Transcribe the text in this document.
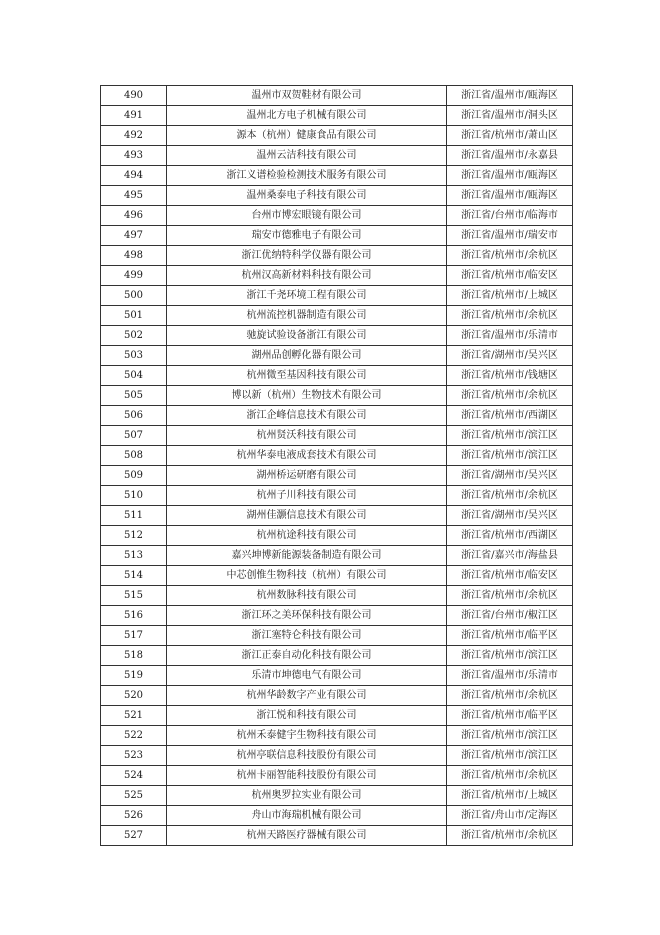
490	温州市双贺鞋材有限公司	浙江省/温州市/瓯海区
491	温州北方电子机械有限公司	浙江省/温州市/洞头区
492	源本（杭州）健康食品有限公司	浙江省/杭州市/萧山区
493	温州云洁科技有限公司	浙江省/温州市/永嘉县
494	浙江义谱检验检测技术服务有限公司	浙江省/温州市/瓯海区
495	温州桑泰电子科技有限公司	浙江省/温州市/瓯海区
496	台州市博宏眼镜有限公司	浙江省/台州市/临海市
497	瑞安市德雅电子有限公司	浙江省/温州市/瑞安市
498	浙江优纳特科学仪器有限公司	浙江省/杭州市/余杭区
499	杭州汉高新材料科技有限公司	浙江省/杭州市/临安区
500	浙江千尧环境工程有限公司	浙江省/杭州市/上城区
501	杭州流控机器制造有限公司	浙江省/杭州市/余杭区
502	驰旋试验设备浙江有限公司	浙江省/温州市/乐清市
503	湖州品创孵化器有限公司	浙江省/湖州市/吴兴区
504	杭州微至基因科技有限公司	浙江省/杭州市/钱塘区
505	博以新（杭州）生物技术有限公司	浙江省/杭州市/余杭区
506	浙江企峰信息技术有限公司	浙江省/杭州市/西湖区
507	杭州贤沃科技有限公司	浙江省/杭州市/滨江区
508	杭州华泰电液成套技术有限公司	浙江省/杭州市/滨江区
509	湖州桥运研磨有限公司	浙江省/湖州市/吴兴区
510	杭州子川科技有限公司	浙江省/杭州市/余杭区
511	湖州佳灏信息技术有限公司	浙江省/湖州市/吴兴区
512	杭州杭途科技有限公司	浙江省/杭州市/西湖区
513	嘉兴坤博新能源装备制造有限公司	浙江省/嘉兴市/海盐县
514	中芯创惟生物科技（杭州）有限公司	浙江省/杭州市/临安区
515	杭州数脉科技有限公司	浙江省/杭州市/余杭区
516	浙江环之美环保科技有限公司	浙江省/台州市/椒江区
517	浙江塞特仑科技有限公司	浙江省/杭州市/临平区
518	浙江正泰自动化科技有限公司	浙江省/杭州市/滨江区
519	乐清市坤德电气有限公司	浙江省/温州市/乐清市
520	杭州华龄数字产业有限公司	浙江省/杭州市/余杭区
521	浙江悦和科技有限公司	浙江省/杭州市/临平区
522	杭州禾泰健宇生物科技有限公司	浙江省/杭州市/滨江区
523	杭州亭联信息科技股份有限公司	浙江省/杭州市/滨江区
524	杭州卡丽智能科技股份有限公司	浙江省/杭州市/余杭区
525	杭州奥罗拉实业有限公司	浙江省/杭州市/上城区
526	舟山市海瑞机械有限公司	浙江省/舟山市/定海区
527	杭州天路医疗器械有限公司	浙江省/杭州市/余杭区
